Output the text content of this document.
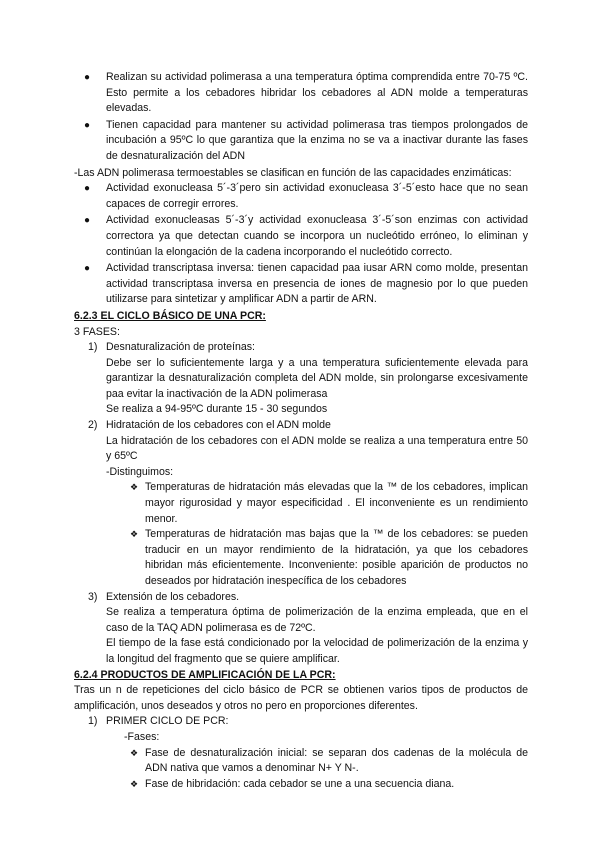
● Realizan su actividad polimerasa a una temperatura óptima comprendida entre 70-75 ºC. Esto permite a los cebadores hibridar los cebadores al ADN molde a temperaturas elevadas.
● Tienen capacidad para mantener su actividad polimerasa tras tiempos prolongados de incubación a 95ºC lo que garantiza que la enzima no se va a inactivar durante las fases de desnaturalización del ADN
-Las ADN polimerasa termoestables se clasifican en función de las capacidades enzimáticas:
● Actividad exonucleasa 5´-3´pero sin actividad exonucleasa 3´-5´esto hace que no sean capaces de corregir errores.
● Actividad exonucleasas 5´-3´y actividad exonucleasa 3´-5´son enzimas con actividad correctora ya que detectan cuando se incorpora un nucleótido erróneo, lo eliminan y continúan la elongación de la cadena incorporando el nucleótido correcto.
● Actividad transcriptasa inversa: tienen capacidad paa iusar ARN como molde, presentan actividad transcriptasa inversa en presencia de iones de magnesio por lo que pueden utilizarse para sintetizar y amplificar ADN a partir de ARN.
6.2.3 EL CICLO BÁSICO DE UNA PCR:
3 FASES:
1) Desnaturalización de proteínas:
Debe ser lo suficientemente larga y a una temperatura suficientemente elevada para garantizar la desnaturalización completa del ADN molde, sin prolongarse excesivamente paa evitar la inactivación de la ADN polimerasa
Se realiza a 94-95ºC durante 15 - 30 segundos
2) Hidratación de los cebadores con el ADN molde
La hidratación de los cebadores con el ADN molde se realiza a una temperatura entre 50 y 65ºC
-Distinguimos:
❖ Temperaturas de hidratación más elevadas que la ™ de los cebadores, implican mayor rigurosidad y mayor especificidad . El inconveniente es un rendimiento menor.
❖ Temperaturas de hidratación mas bajas que la ™ de los cebadores: se pueden traducir en un mayor rendimiento de la hidratación, ya que los cebadores hibridan más eficientemente. Inconveniente: posible aparición de productos no deseados por hidratación inespecífica de los cebadores
3) Extensión de los cebadores.
Se realiza a temperatura óptima de polimerización de la enzima empleada, que en el caso de la TAQ ADN polimerasa es de 72ºC.
El tiempo de la fase está condicionado por la velocidad de polimerización de la enzima y la longitud del fragmento que se quiere amplificar.
6.2.4 PRODUCTOS DE AMPLIFICACIÓN DE LA PCR:
Tras un n de repeticiones del ciclo básico de PCR se obtienen varios tipos de productos de amplificación, unos deseados y otros no pero en proporciones diferentes.
1) PRIMER CICLO DE PCR:
-Fases:
❖ Fase de desnaturalización inicial: se separan dos cadenas de la molécula de ADN nativa que vamos a denominar N+ Y N-.
❖ Fase de hibridación: cada cebador se une a una secuencia diana.
